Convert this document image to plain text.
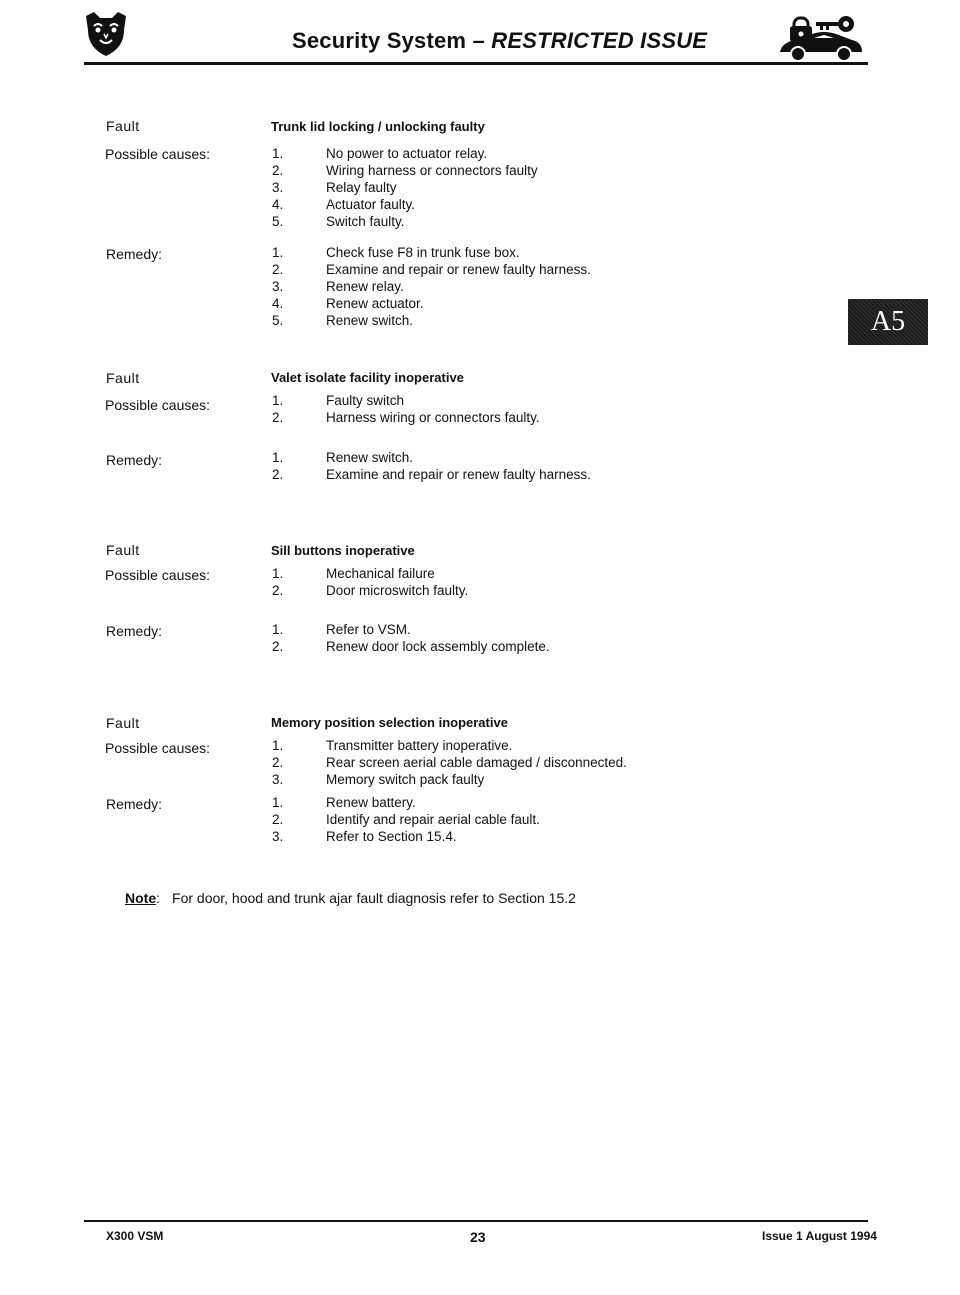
Security System – RESTRICTED ISSUE
A5
Fault	Trunk lid locking / unlocking faulty
Possible causes:	1.	No power to actuator relay.
2.	Wiring harness or connectors faulty
3.	Relay faulty
4.	Actuator faulty.
5.	Switch faulty.
Remedy:	1.	Check fuse F8 in trunk fuse box.
2.	Examine and repair or renew faulty harness.
3.	Renew relay.
4.	Renew actuator.
5.	Renew switch.
Fault	Valet isolate facility inoperative
Possible causes:	1.	Faulty switch
2.	Harness wiring or connectors faulty.
Remedy:	1.	Renew switch.
2.	Examine and repair or renew faulty harness.
Fault	Sill buttons inoperative
Possible causes:	1.	Mechanical failure
2.	Door microswitch faulty.
Remedy:	1.	Refer to VSM.
2.	Renew door lock assembly complete.
Fault	Memory position selection inoperative
Possible causes:	1.	Transmitter battery inoperative.
2.	Rear screen aerial cable damaged / disconnected.
3.	Memory switch pack faulty
Remedy:	1.	Renew battery.
2.	Identify and repair aerial cable fault.
3.	Refer to Section 15.4.
Note: For door, hood and trunk ajar fault diagnosis refer to Section 15.2
X300 VSM	23	Issue 1 August 1994
